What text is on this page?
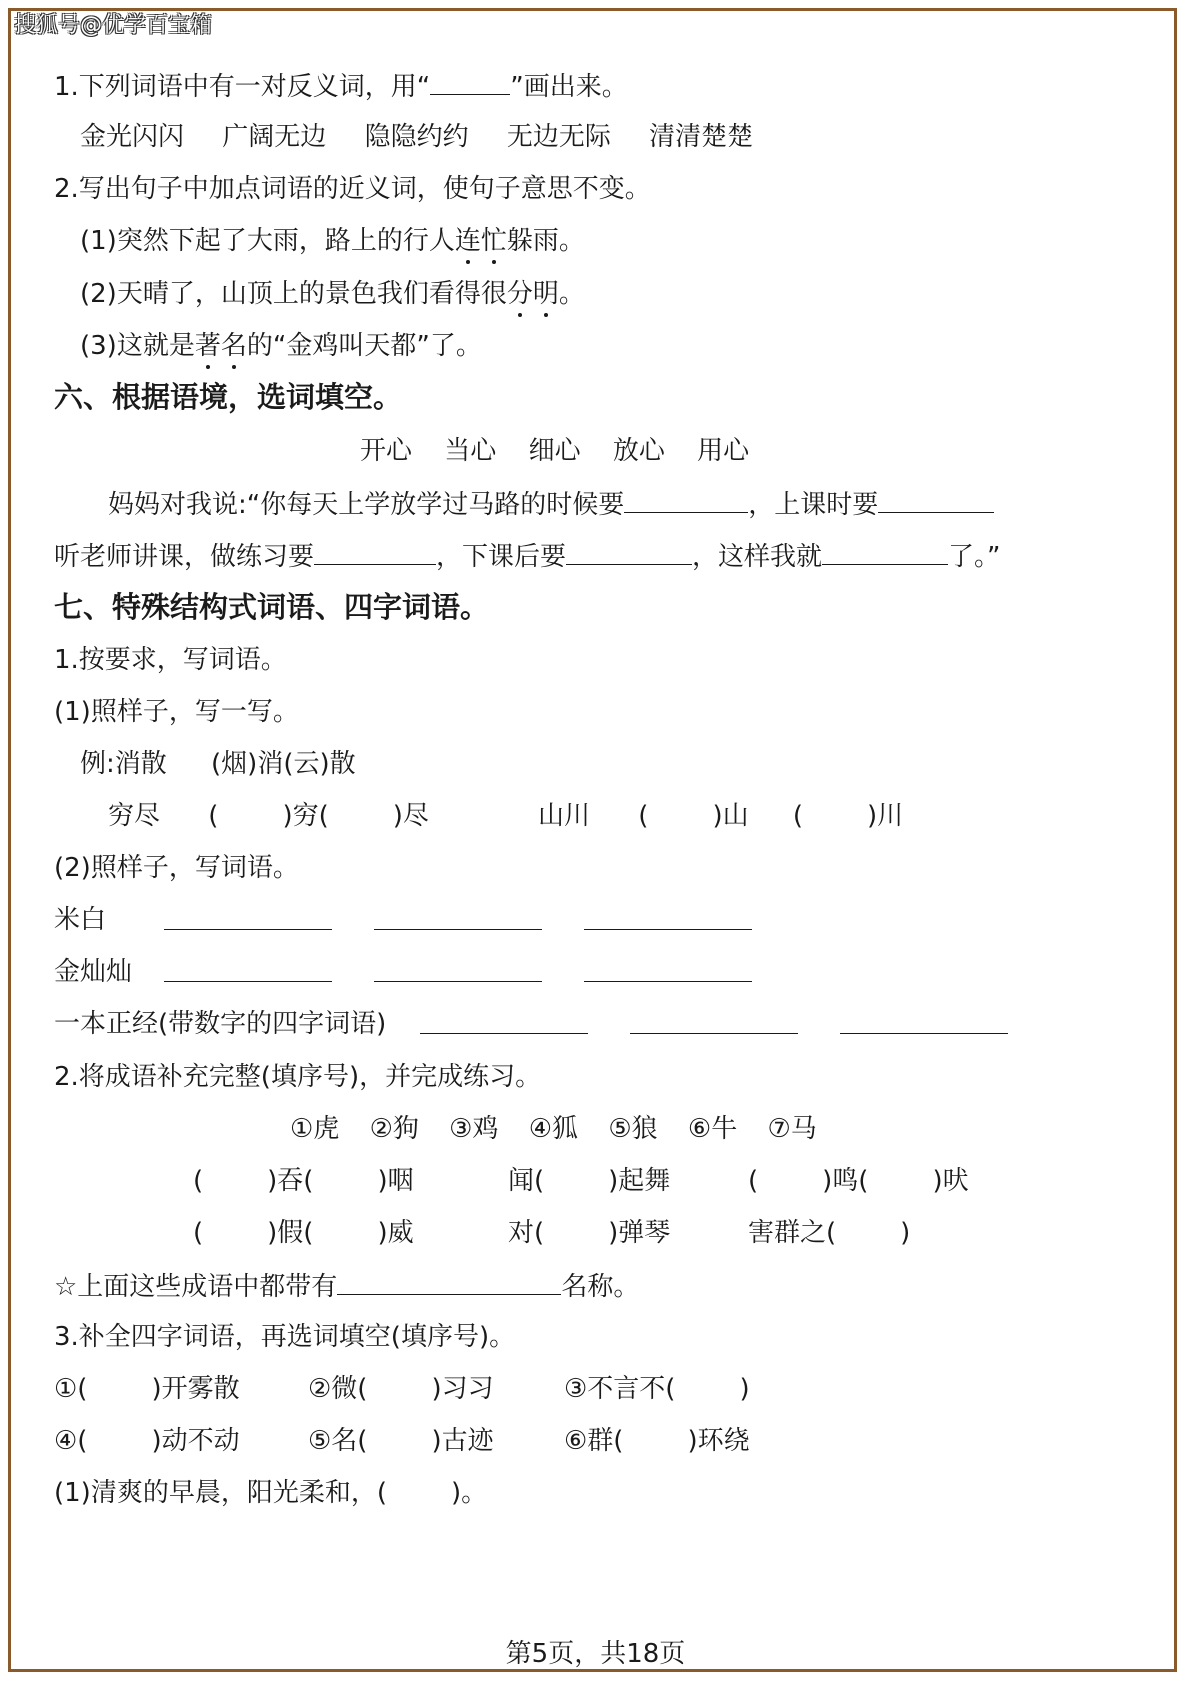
搜狐号@优学百宝箱
1.下列词语中有一对反义词，用“	”画出来。
金光闪闪 广阔无边 隐隐约约 无边无际 清清楚楚
2.写出句子中加点词语的近义词，使句子意思不变。
(1)突然下起了大雨，路上的行人连忙躲雨。
(2)天晴了，山顶上的景色我们看得很分明。
(3)这就是著名的“金鸡叫天都”了。
六、根据语境，选词填空。
开心 当心 细心 放心 用心
妈妈对我说:“你每天上学放学过马路的时候要	，上课时要
听老师讲课，做练习要	，下课后要	，这样我就	了。”
七、特殊结构式词语、四字词语。
1.按要求，写词语。
(1)照样子，写一写。
例:消散 (烟)消(云)散
穷尽 ( )穷( )尽	山川 ( )山 ( )川
(2)照样子，写词语。
米白
金灿灿
一本正经(带数字的四字词语)
2.将成语补充完整(填序号)，并完成练习。
①虎 ②狗 ③鸡 ④狐 ⑤狼 ⑥牛 ⑦马
( )吞( )咽	闻( )起舞	( )鸣( )吠
( )假( )威	对( )弹琴	害群之( )
☆上面这些成语中都带有	名称。
3.补全四字词语，再选词填空(填序号)。
①( )开雾散	②微( )习习	③不言不( )
④( )动不动	⑤名( )古迹	⑥群( )环绕
(1)清爽的早晨，阳光柔和，( )。
第5页，共18页
